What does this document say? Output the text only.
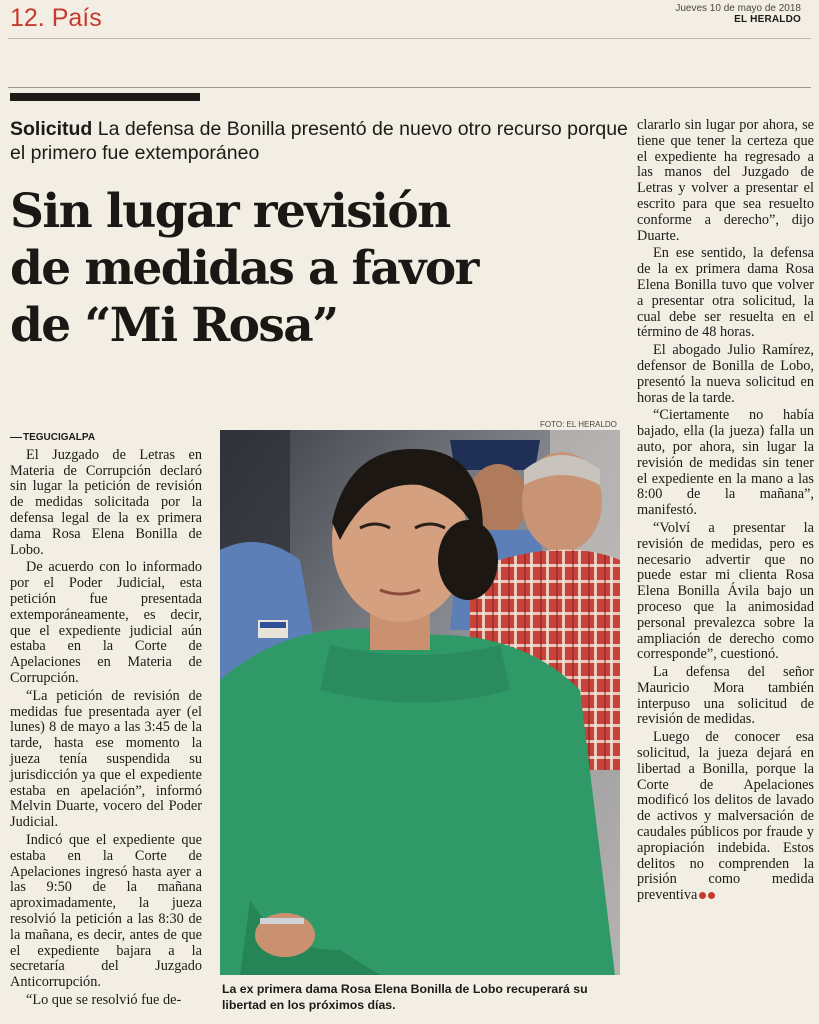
12. País	Jueves 10 de mayo de 2018
EL HERALDO
Solicitud La defensa de Bonilla presentó de nuevo otro recurso porque el primero fue extemporáneo
Sin lugar revisión
de medidas a favor
de “Mi Rosa”
TEGUCIGALPA

El Juzgado de Letras en Materia de Corrupción declaró sin lugar la petición de revisión de medidas solicitada por la defensa legal de la ex primera dama Rosa Elena Bonilla de Lobo.

De acuerdo con lo informado por el Poder Judicial, esta petición fue presentada extemporáneamente, es decir, que el expediente judicial aún estaba en la Corte de Apelaciones en Materia de Corrupción.

“La petición de revisión de medidas fue presentada ayer (el lunes) 8 de mayo a las 3:45 de la tarde, hasta ese momento la jueza tenía suspendida su jurisdicción ya que el expediente estaba en apelación”, informó Melvin Duarte, vocero del Poder Judicial.

Indicó que el expediente que estaba en la Corte de Apelaciones ingresó hasta ayer a las 9:50 de la mañana aproximadamente, la jueza resolvió la petición a las 8:30 de la mañana, es decir, antes de que el expediente bajara a la secretaría del Juzgado Anticorrupción.

“Lo que se resolvió fue de-

FOTO: EL HERALDO
La ex primera dama Rosa Elena Bonilla de Lobo recuperará su libertad en los próximos días.

clararlo sin lugar por ahora, se tiene que tener la certeza que el expediente ha regresado a las manos del Juzgado de Letras y volver a presentar el escrito para que sea resuelto conforme a derecho”, dijo Duarte.

En ese sentido, la defensa de la ex primera dama Rosa Elena Bonilla tuvo que volver a presentar otra solicitud, la cual debe ser resuelta en el término de 48 horas.

El abogado Julio Ramírez, defensor de Bonilla de Lobo, presentó la nueva solicitud en horas de la tarde.

“Ciertamente no había bajado, ella (la jueza) falla un auto, por ahora, sin lugar la revisión de medidas sin tener el expediente en la mano a las 8:00 de la mañana”, manifestó.

“Volví a presentar la revisión de medidas, pero es necesario advertir que no puede estar mi clienta Rosa Elena Bonilla Ávila bajo un proceso que la animosidad personal prevalezca sobre la ampliación de derecho como corresponde”, cuestionó.

La defensa del señor Mauricio Mora también interpuso una solicitud de revisión de medidas.

Luego de conocer esa solicitud, la jueza dejará en libertad a Bonilla, porque la Corte de Apelaciones modificó los delitos de lavado de activos y malversación de caudales públicos por fraude y apropiación indebida. Estos delitos no comprenden la prisión como medida preventiva
